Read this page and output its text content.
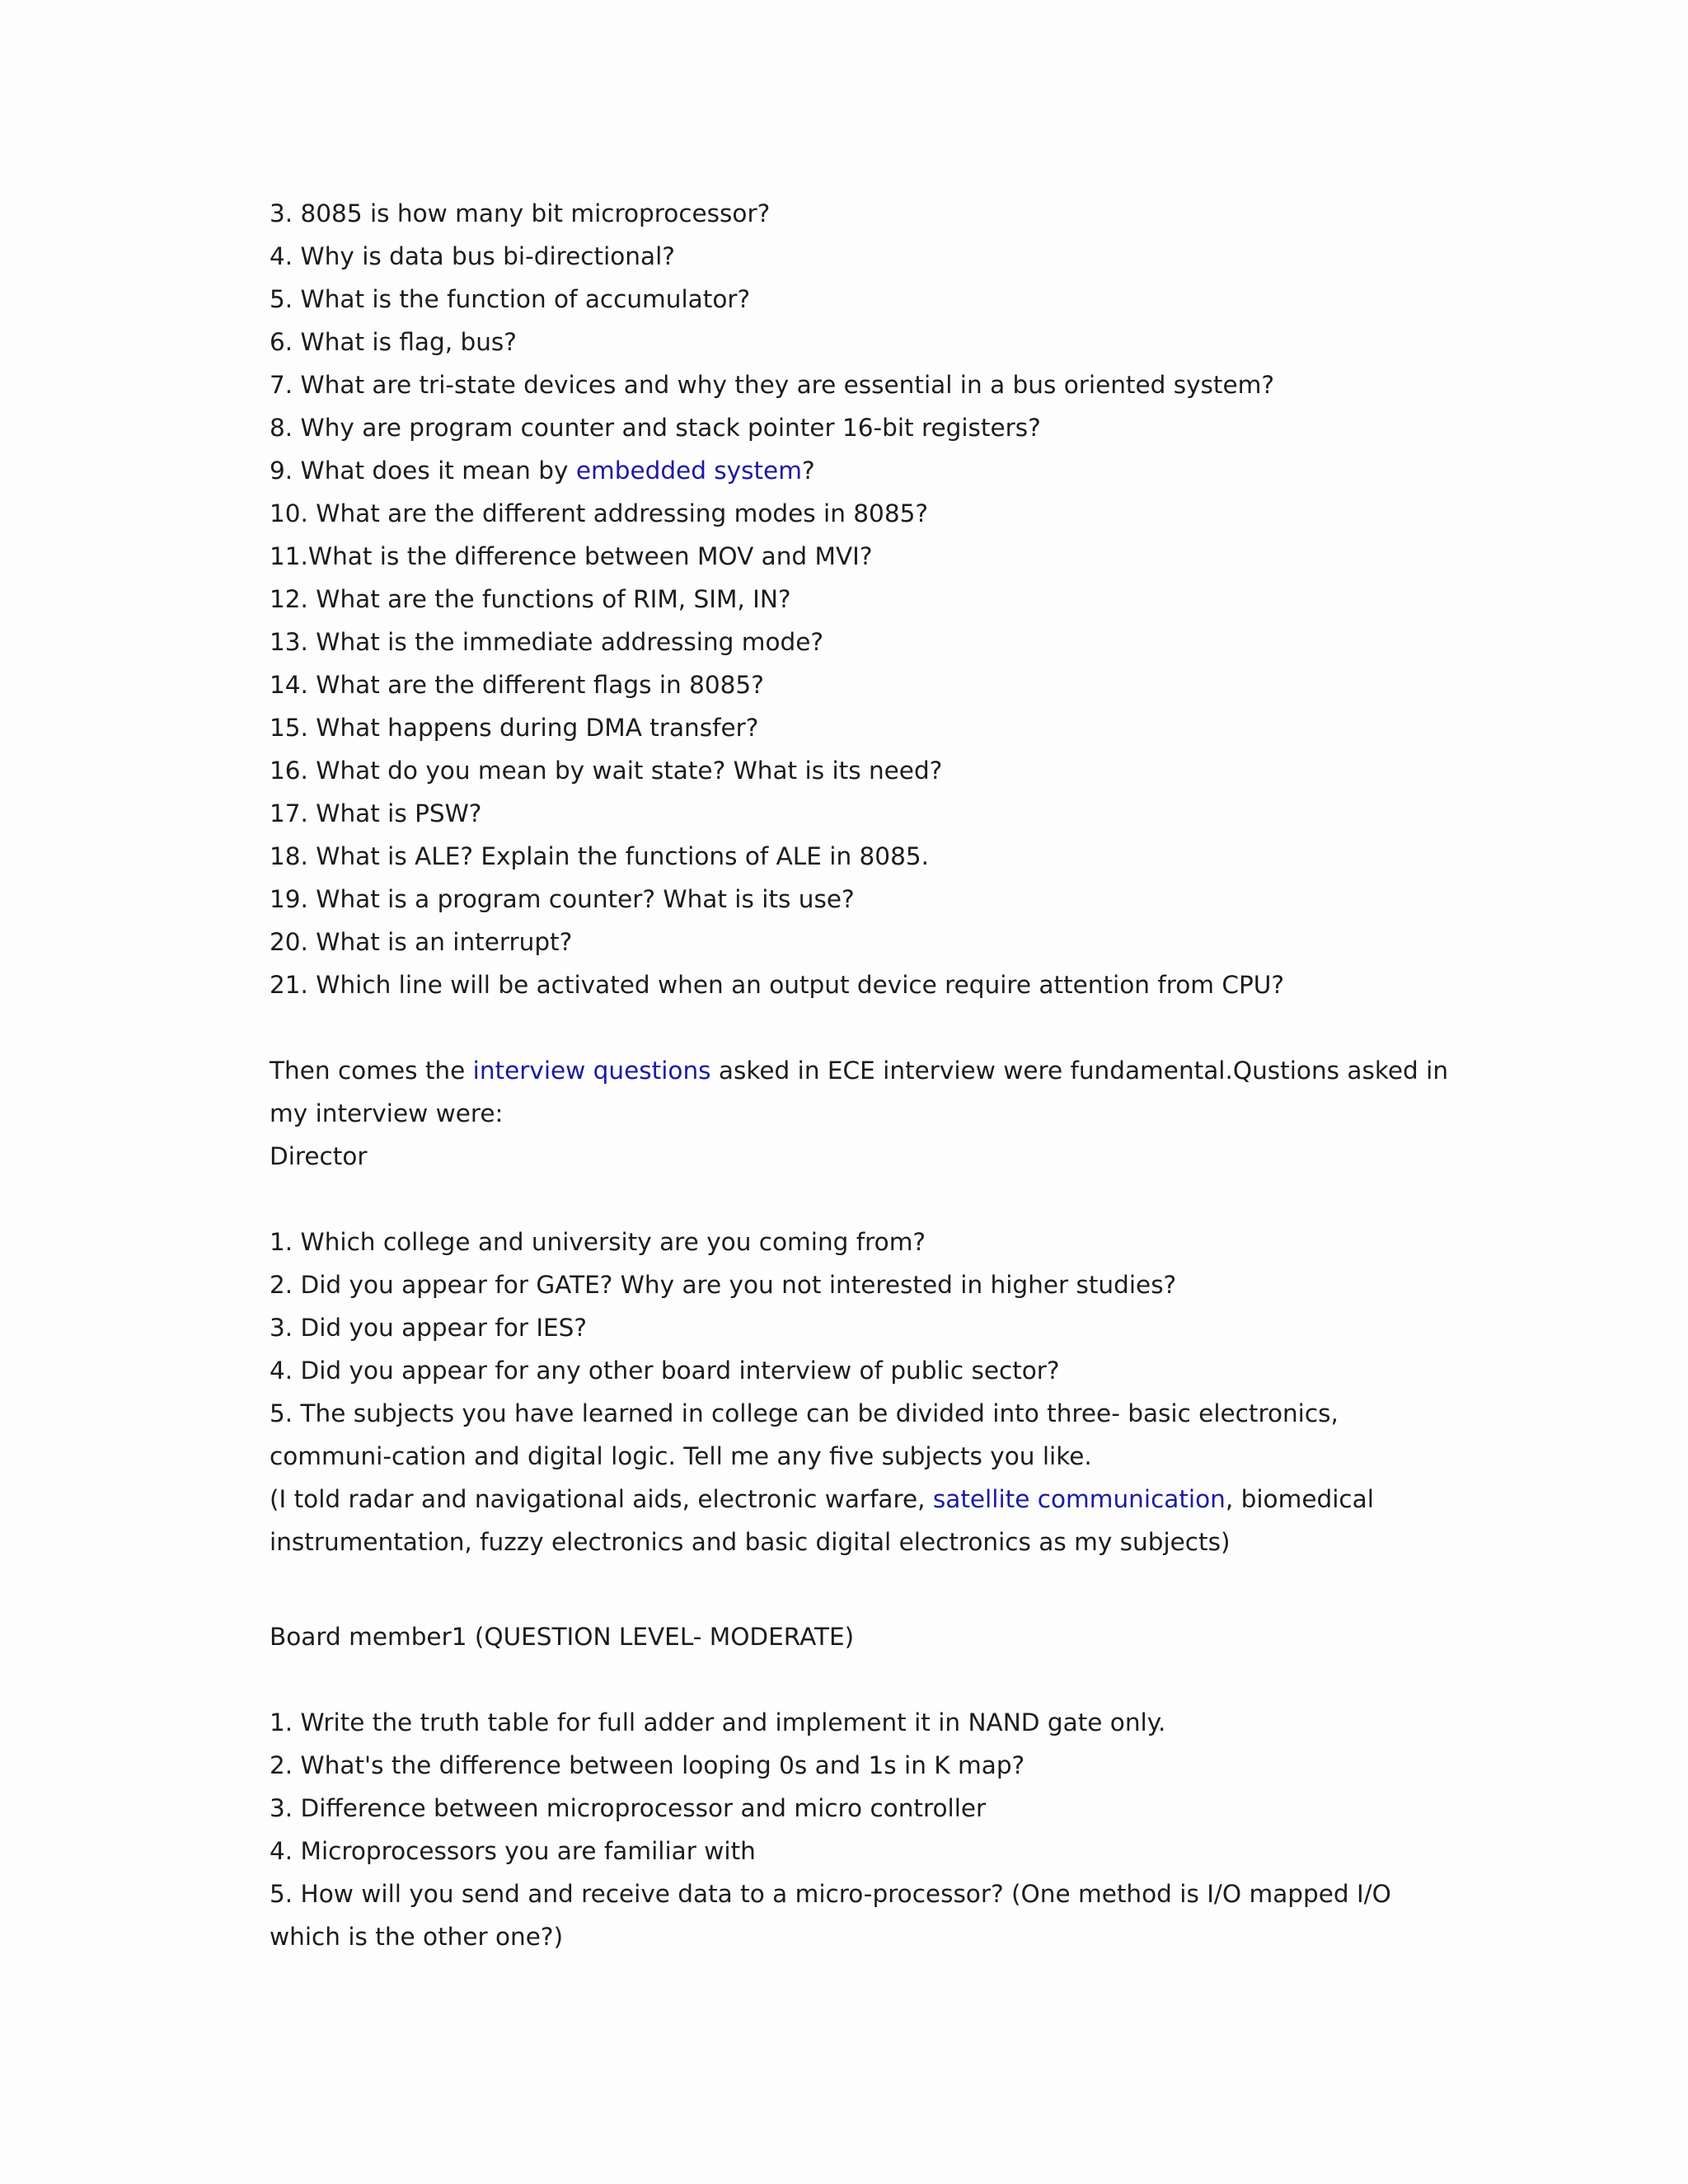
3. 8085 is how many bit microprocessor?
4. Why is data bus bi-directional?
5. What is the function of accumulator?
6. What is flag, bus?
7. What are tri-state devices and why they are essential in a bus oriented system?
8. Why are program counter and stack pointer 16-bit registers?
9. What does it mean by embedded system?
10. What are the different addressing modes in 8085?
11.What is the difference between MOV and MVI?
12. What are the functions of RIM, SIM, IN?
13. What is the immediate addressing mode?
14. What are the different flags in 8085?
15. What happens during DMA transfer?
16. What do you mean by wait state? What is its need?
17. What is PSW?
18. What is ALE? Explain the functions of ALE in 8085.
19. What is a program counter? What is its use?
20. What is an interrupt?
21. Which line will be activated when an output device require attention from CPU?
Then comes the interview questions asked in ECE interview were fundamental.Qustions asked in
my interview were:
Director
1. Which college and university are you coming from?
2. Did you appear for GATE? Why are you not interested in higher studies?
3. Did you appear for IES?
4. Did you appear for any other board interview of public sector?
5. The subjects you have learned in college can be divided into three- basic electronics,
communi-cation and digital logic. Tell me any five subjects you like.
(I told radar and navigational aids, electronic warfare, satellite communication, biomedical
instrumentation, fuzzy electronics and basic digital electronics as my subjects)
Board member1 (QUESTION LEVEL- MODERATE)
1. Write the truth table for full adder and implement it in NAND gate only.
2. What's the difference between looping 0s and 1s in K map?
3. Difference between microprocessor and micro controller
4. Microprocessors you are familiar with
5. How will you send and receive data to a micro-processor? (One method is I/O mapped I/O
which is the other one?)
